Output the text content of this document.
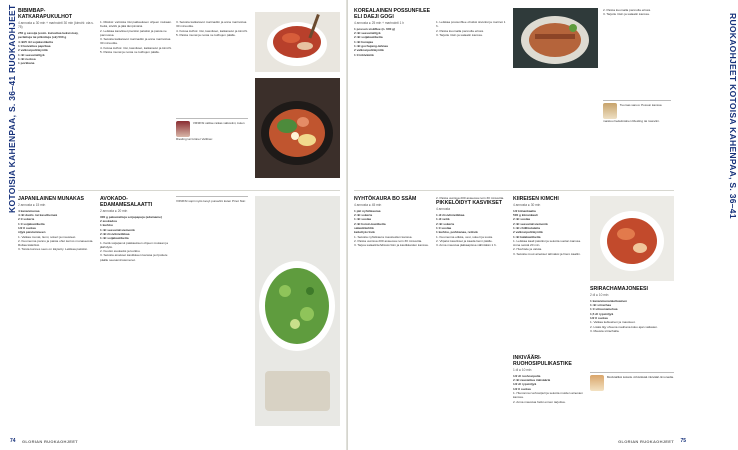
BIBIMBAP-KATKARAPUKULHOT
4 annosta ● 30 min + marinointi 30 min (kimchi: ota s. 75)
250 g savoija (esim. kuivattua keksistoa),
perlattuja tai pilkottuja (ok) 500 g
4 rkl/5 rkl sojakastiketta
1 tl kuivattua paprikaa
2 valkosipulinkynttä
1 rkl seesamiöljyä
1 rkl ruokoa
1 porkkana
1. Riisiksi: valmista riisi pakkauksen ohjeen mukaan. Keitä, siivilöi ja jätä lämpimänä.
2. Leikkaa kasvikset pieniksi paloiksi ja paista ne pannussa.
3. Sekoita katkaravut marinadiin ja anna marinoitua 30 minuuttia.
4. Kokoa kulhot: riisi, kasvikset, katkaravut ja kimchi.
5. Paista munat ja nosta ne kulhojen päälle.
3. Sekoita katkaravut marinadiin ja anna marinoitua 30 minuuttia.
4. Kokoa kulhot: riisi, kasvikset, katkaravut ja kimchi.
5. Paista munat ja nosta ne kulhojen päälle.
VIINIKSI valitse raikas valkoviini, kuten Riesling tai Grüner Veltliner.
JAPANILAINEN MUNAKAS
2 annosta ● 15 min
4 kananmunaa
4 rkl dashi- tai kasviliemeä
2 tl sokeria
1 tl soijakastiketta
1/2 tl suolaa
öljyä paistamiseen
1. Vatkaa munat, liemi, sokeri ja mausteet.
2. Kuumenna pannu ja paista ohut kerros munaseosta. Rullaa kääröksi.
3. Toista kunnes seos on käytetty. Leikkaa paloiksi.
AVOKADO-EDAMAMESALAATTI
2 annosta ● 20 min
300 g pakastettuja soijapapuja (edamame)
2 avokadoa
1 kurkku
1 rkl seesaminsiemeniä
2 rkl riisiviinietikkaa
1 rkl soijakastiketta
1. Keitä soijapavut pakkauksen ohjeen mukaan ja jäähdytä.
2. Kuutioi avokadot ja kurkku.
3. Sekoita ainekset kastikkeen kanssa ja ripottele päälle seesaminsiemenet.
VIINIKSI sopii myös kevyt punaviini kuten Pinot Noir.
74 GLORIAN RUOKAOHJEET
KOREALAINEN POSSUNFILEE ELI DAEJI GOGI
4 annosta ● 25 min + marinointi 1 h
1 possun sisäfilee (n. 600 g)
2 rkl seesamiöljyä
2 rkl soijakastiketta
1 rkl hunajaa
1 rkl gochujang-tahnaa
2 valkosipulinkynttä
1 tl inkivääriä
1. Leikkaa possunfilee ohuiksi siivuiksi ja marinoi 1 h.
2. Paista kuumalla pannulla erissä.
3. Tarjoile riisin ja salaatin kanssa.
2. Paista kuumalla pannulla erissä.
3. Tarjoile riisin ja salaatin kanssa.
Tuomas sanoo: Possun kanssa maistuu hedelmäinen Riesling tai roséviini.
NYHTÖKAURA BO SSÄM
4 annosta ● 45 min
1 pkt nyhtökauraa
2 rkl sokeria
1 rkl suolaa
2 rkl hoisin-kastiketta
salaatinlehtiä
keitettyä riisiä
1. Sekoita nyhtökaura mausteiden kanssa.
2. Paista uunissa 200 asteessa noin 30 minuuttia.
3. Tarjoa salaatinlehdissä riisin ja kastikkeiden kanssa.
2. Paista uunissa 200 asteessa noin 30 minuuttia.
PIKKELÖIDYT KASVIKSET
4 annosta
1 dl riisiviinietikkaa
1 dl vettä
2 rkl sokeria
1 tl suolaa
1 kurkku, porkkanaa, retiisiä
1. Kuumenna etikka, vesi, sokeri ja suola.
2. Viipaloi kasvikset ja kaada liemi päälle.
3. Anna maustua jääkaapissa vähintään 1 h.
KIIREISEN KIMCHI
4 annosta ● 30 min
1/2 kiinankaalia
500 g kiinankaali
2 rkl suolaa
2 rkl seesaminsiemeniä
1 rkl chilihiutaleita
2 valkosipulinkynttä
1 rkl kalakastiketta
1. Leikkaa kaali paloiksi ja sekoita suolan kanssa. Anna seistä 20 min.
2. Huuhtele ja valuta.
3. Sekoita muut ainekset tahnaksi ja hiero kaaliin.
INKIVÄÄRI-RUOHOSIPULIKASTIKE
1 dl ● 10 min
1/2 dl ruohosipulia
2 rkl raastettua inkivääriä
1/2 dl rypsiöljyä
1/2 tl suolaa
1. Hienonna ruohosipuli ja sekoita muiden ainesten kanssa.
2. Anna maustua hetki ennen tarjoilua.
SRIRACHAMAJONEESI
2 dl ● 10 min
1 kananmunankeltuainen
1 rkl srirachaa
1 tl sitruunamehua
1,5 dl rypsiöljyä
1/2 tl suolaa
1. Vatkaa keltuainen ja mausteet.
2. Lisää öljy ohuena nauhana koko ajan vatkaten.
3. Mausta srirachalla.
Mocktailiksi kokeile virkistävää inkivääri-limonadia.
75
GLORIAN RUOKAOHJEET
KOTOISIA KAHENPAA, S. 36–41 RUOKAOHJEET	RUOKAOHJEET KOTOISA KAHENPAA, S. 36–41
